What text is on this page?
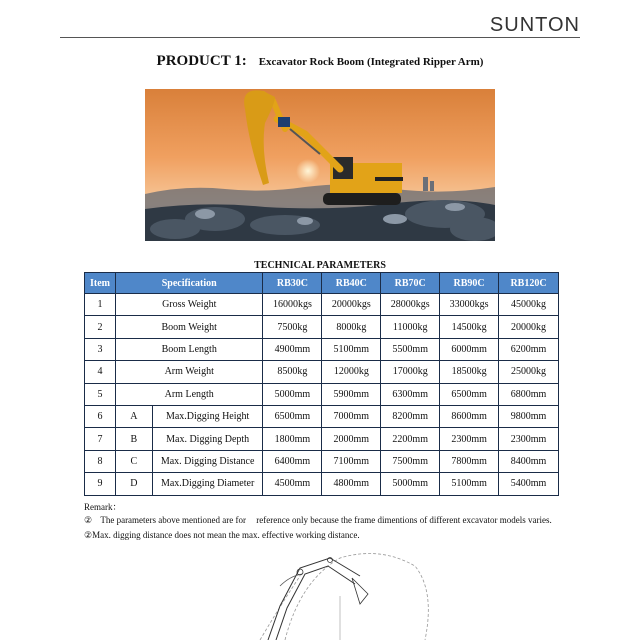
SUNTON
PRODUCT 1: Excavator Rock Boom (Integrated Ripper Arm)
TECHNICAL PARAMETERS
Item	Specification		RB30C	RB40C	RB70C	RB90C	RB120C
1	Gross Weight		16000kgs	20000kgs	28000kgs	33000kgs	45000kg
2	Boom Weight		7500kg	8000kg	11000kg	14500kg	20000kg
3	Boom Length		4900mm	5100mm	5500mm	6000mm	6200mm
4	Arm Weight		8500kg	12000kg	17000kg	18500kg	25000kg
5	Arm Length		5000mm	5900mm	6300mm	6500mm	6800mm
6	A	Max.Digging Height	6500mm	7000mm	8200mm	8600mm	9800mm
7	B	Max. Digging Depth	1800mm	2000mm	2200mm	2300mm	2300mm
8	C	Max. Digging Distance	6400mm	7100mm	7500mm	7800mm	8400mm
9	D	Max.Digging Diameter	4500mm	4800mm	5000mm	5100mm	5400mm
Remark：
② The parameters above mentioned are for reference only because the frame dimentions of different excavator models varies.
②Max. digging distance does not mean the max. effective working distance.
